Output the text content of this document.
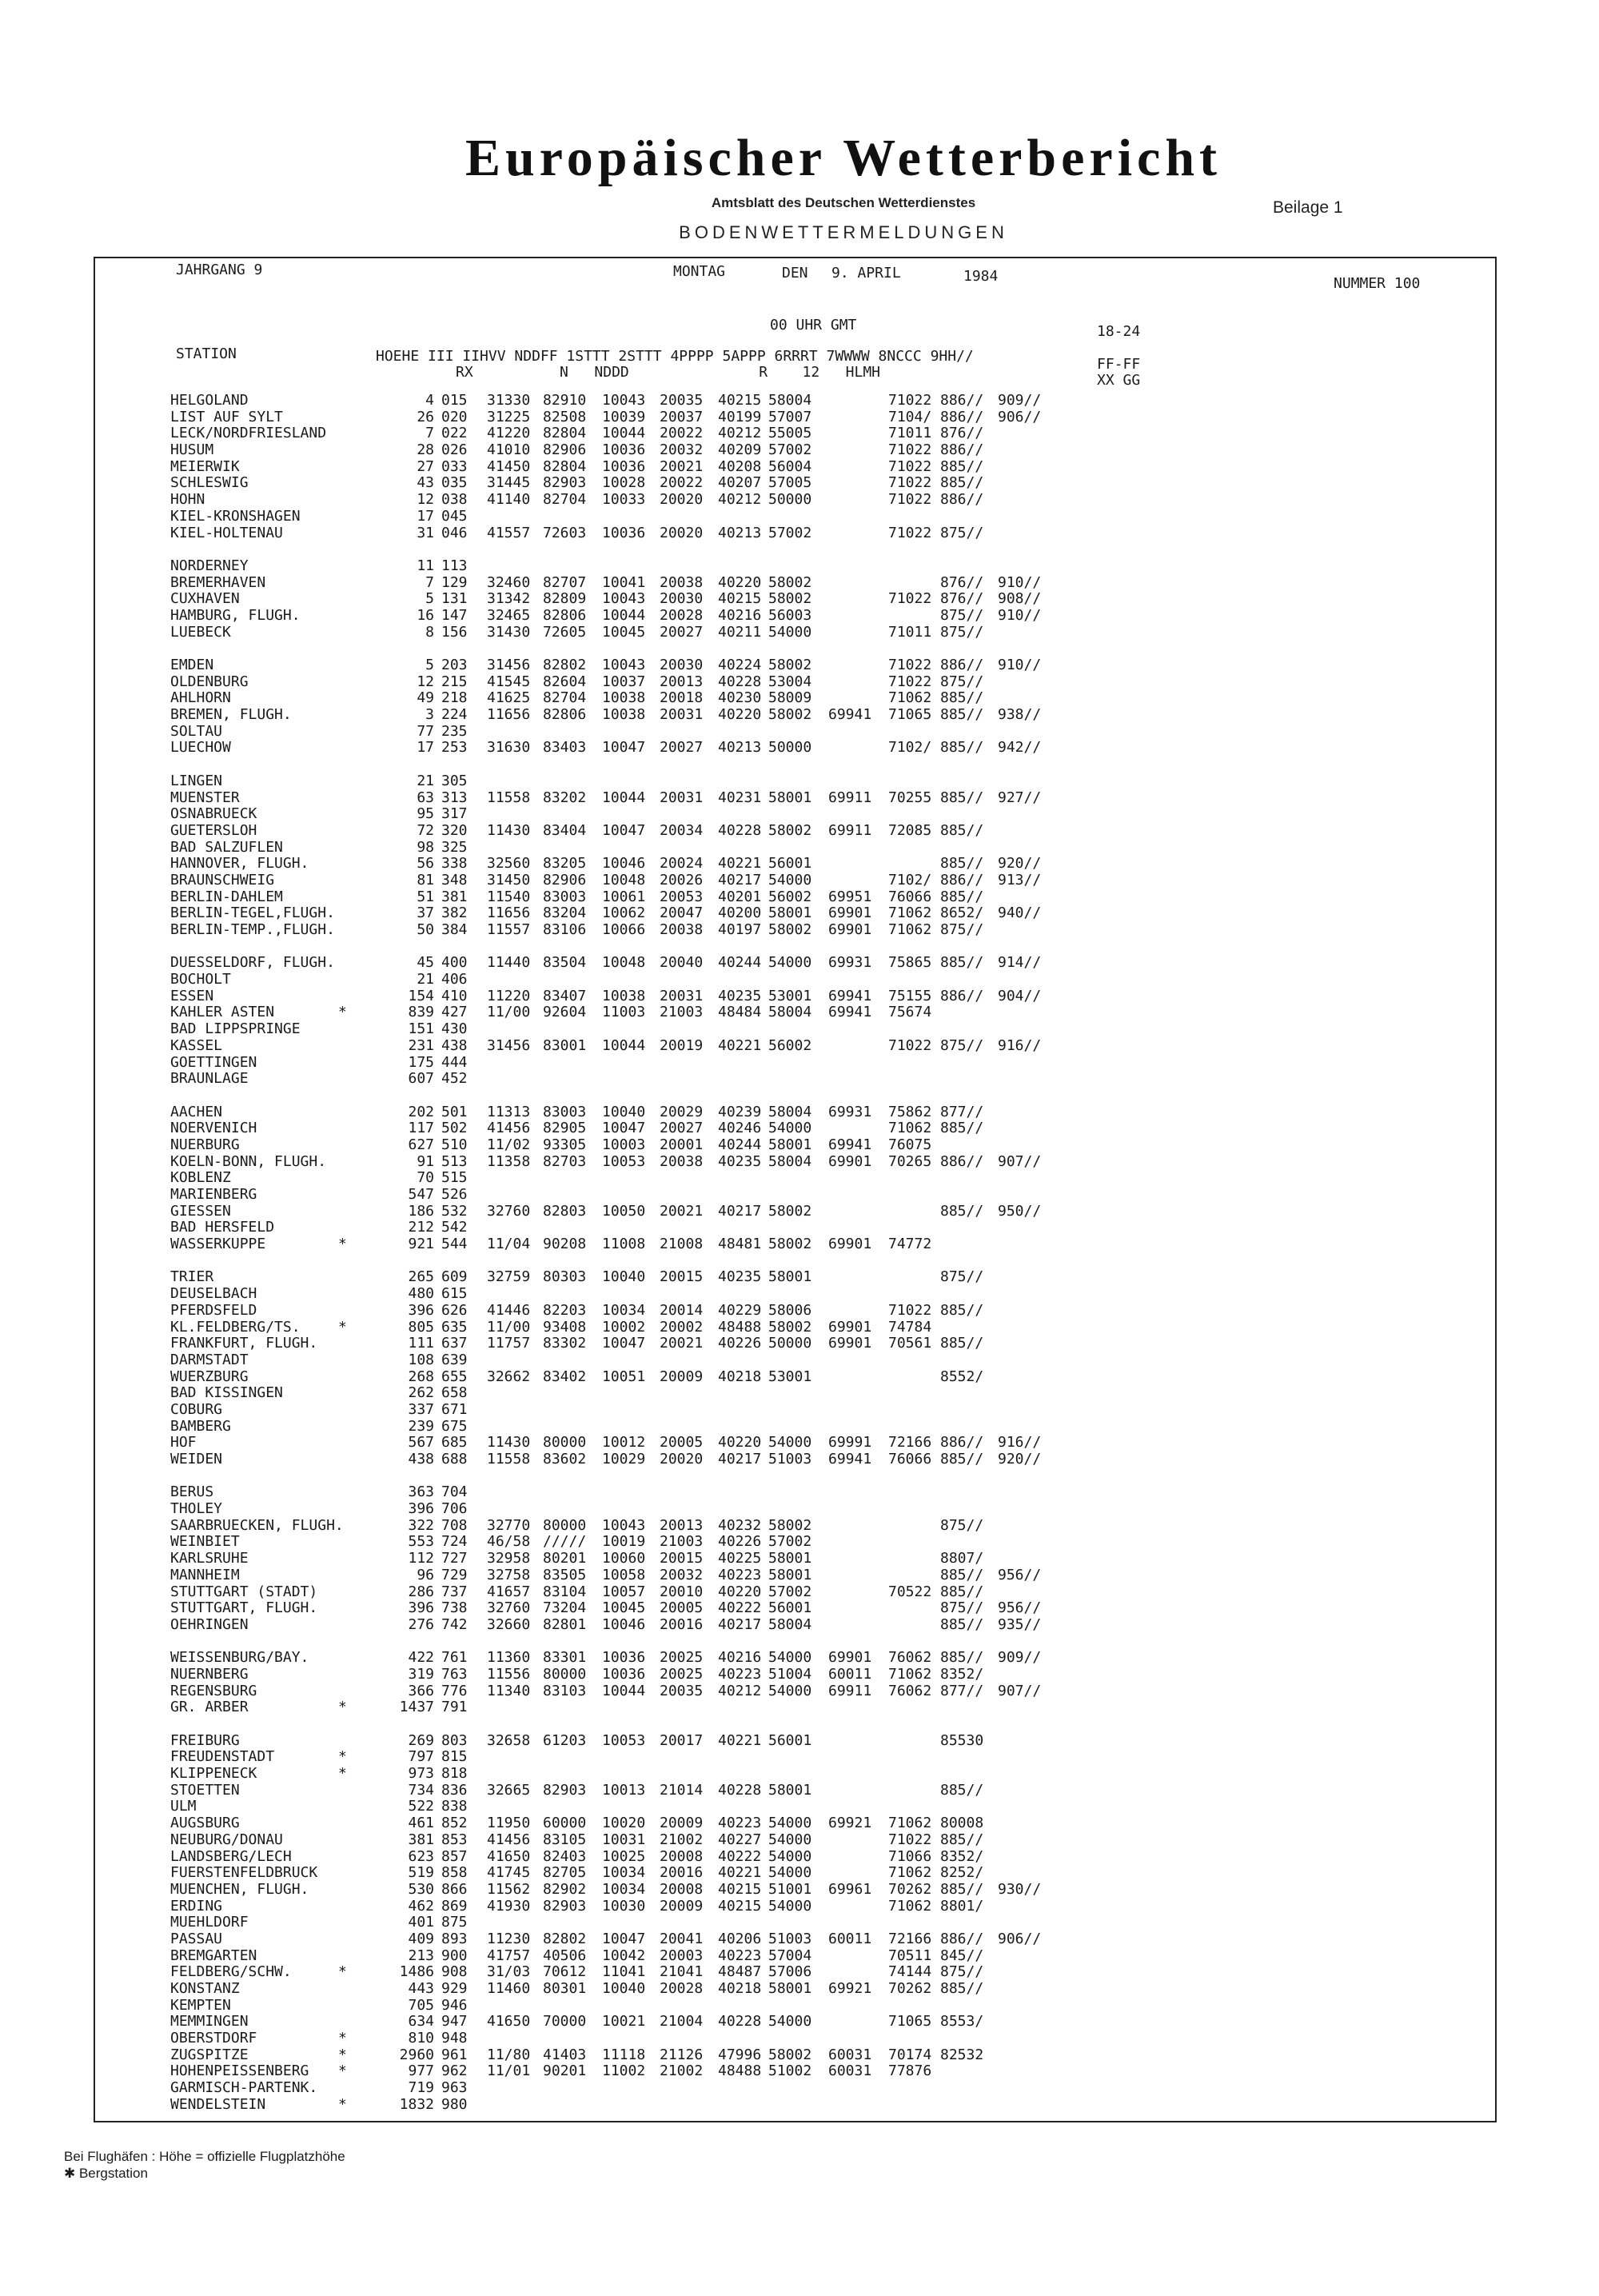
Europäischer Wetterbericht
Amtsblatt des Deutschen Wetterdienstes	Beilage 1
BODENWETTERMELDUNGEN
JAHRGANG 9	MONTAG	DEN 9. APRIL	1984	NUMMER 100
00 UHR GMT	18-24
STATION	HOEHE III IIHVV NDDFF 1STTT 2STTT 4PPPP 5APPP 6RRRT 7WWWW 8NCCC 9HH//
RX          N   NDDD               R    12   HLMH	FF-FF
XX GG
HELGOLAND	4 015 31330 82910 10043 20035 40215 58004	71022 886// 909//
LIST AUF SYLT	26 020 31225 82508 10039 20037 40199 57007	7104/ 886// 906//
LECK/NORDFRIESLAND	7 022 41220 82804 10044 20022 40212 55005	71011 876//
HUSUM	28 026 41010 82906 10036 20032 40209 57002	71022 886//
MEIERWIK	27 033 41450 82804 10036 20021 40208 56004	71022 885//
SCHLESWIG	43 035 31445 82903 10028 20022 40207 57005	71022 885//
HOHN	12 038 41140 82704 10033 20020 40212 50000	71022 886//
KIEL-KRONSHAGEN	17 045
KIEL-HOLTENAU	31 046 41557 72603 10036 20020 40213 57002	71022 875//
NORDERNEY	11 113
BREMERHAVEN	7 129 32460 82707 10041 20038 40220 58002	876// 910//
CUXHAVEN	5 131 31342 82809 10043 20030 40215 58002	71022 876// 908//
HAMBURG, FLUGH.	16 147 32465 82806 10044 20028 40216 56003	875// 910//
LUEBECK	8 156 31430 72605 10045 20027 40211 54000	71011 875//
EMDEN	5 203 31456 82802 10043 20030 40224 58002	71022 886// 910//
OLDENBURG	12 215 41545 82604 10037 20013 40228 53004	71022 875//
AHLHORN	49 218 41625 82704 10038 20018 40230 58009	71062 885//
BREMEN, FLUGH.	3 224 11656 82806 10038 20031 40220 58002 69941 71065 885// 938//
SOLTAU	77 235
LUECHOW	17 253 31630 83403 10047 20027 40213 50000	7102/ 885// 942//
LINGEN	21 305
MUENSTER	63 313 11558 83202 10044 20031 40231 58001 69911 70255 885// 927//
OSNABRUECK	95 317
GUETERSLOH	72 320 11430 83404 10047 20034 40228 58002 69911 72085 885//
BAD SALZUFLEN	98 325
HANNOVER, FLUGH.	56 338 32560 83205 10046 20024 40221 56001	885// 920//
BRAUNSCHWEIG	81 348 31450 82906 10048 20026 40217 54000	7102/ 886// 913//
BERLIN-DAHLEM	51 381 11540 83003 10061 20053 40201 56002 69951 76066 885//
BERLIN-TEGEL,FLUGH.	37 382 11656 83204 10062 20047 40200 58001 69901 71062 8652/ 940//
BERLIN-TEMP.,FLUGH.	50 384 11557 83106 10066 20038 40197 58002 69901 71062 875//
DUESSELDORF, FLUGH.	45 400 11440 83504 10048 20040 40244 54000 69931 75865 885// 914//
BOCHOLT	21 406
ESSEN	154 410 11220 83407 10038 20031 40235 53001 69941 75155 886// 904//
KAHLER ASTEN	*	839 427 11/00 92604 11003 21003 48484 58004 69941 75674
BAD LIPPSPRINGE	151 430
KASSEL	231 438 31456 83001 10044 20019 40221 56002	71022 875// 916//
GOETTINGEN	175 444
BRAUNLAGE	607 452
AACHEN	202 501 11313 83003 10040 20029 40239 58004 69931 75862 877//
NOERVENICH	117 502 41456 82905 10047 20027 40246 54000	71062 885//
NUERBURG	627 510 11/02 93305 10003 20001 40244 58001 69941 76075
KOELN-BONN, FLUGH.	91 513 11358 82703 10053 20038 40235 58004 69901 70265 886// 907//
KOBLENZ	70 515
MARIENBERG	547 526
GIESSEN	186 532 32760 82803 10050 20021 40217 58002	885// 950//
BAD HERSFELD	212 542
WASSERKUPPE	*	921 544 11/04 90208 11008 21008 48481 58002 69901 74772
TRIER	265 609 32759 80303 10040 20015 40235 58001	875//
DEUSELBACH	480 615
PFERDSFELD	396 626 41446 82203 10034 20014 40229 58006	71022 885//
KL.FELDBERG/TS.	*	805 635 11/00 93408 10002 20002 48488 58002 69901 74784
FRANKFURT, FLUGH.	111 637 11757 83302 10047 20021 40226 50000 69901 70561 885//
DARMSTADT	108 639
WUERZBURG	268 655 32662 83402 10051 20009 40218 53001	8552/
BAD KISSINGEN	262 658
COBURG	337 671
BAMBERG	239 675
HOF	567 685 11430 80000 10012 20005 40220 54000 69991 72166 886// 916//
WEIDEN	438 688 11558 83602 10029 20020 40217 51003 69941 76066 885// 920//
BERUS	363 704
THOLEY	396 706
SAARBRUECKEN, FLUGH.	322 708 32770 80000 10043 20013 40232 58002	875//
WEINBIET	553 724 46/58 ///// 10019 21003 40226 57002
KARLSRUHE	112 727 32958 80201 10060 20015 40225 58001	8807/
MANNHEIM	96 729 32758 83505 10058 20032 40223 58001	885// 956//
STUTTGART (STADT)	286 737 41657 83104 10057 20010 40220 57002	70522 885//
STUTTGART, FLUGH.	396 738 32760 73204 10045 20005 40222 56001	875// 956//
OEHRINGEN	276 742 32660 82801 10046 20016 40217 58004	885// 935//
WEISSENBURG/BAY.	422 761 11360 83301 10036 20025 40216 54000 69901 76062 885// 909//
NUERNBERG	319 763 11556 80000 10036 20025 40223 51004 60011 71062 8352/
REGENSBURG	366 776 11340 83103 10044 20035 40212 54000 69911 76062 877// 907//
GR. ARBER	*	1437 791
FREIBURG	269 803 32658 61203 10053 20017 40221 56001	85530
FREUDENSTADT	*	797 815
KLIPPENECK	*	973 818
STOETTEN	734 836 32665 82903 10013 21014 40228 58001	885//
ULM	522 838
AUGSBURG	461 852 11950 60000 10020 20009 40223 54000 69921 71062 80008
NEUBURG/DONAU	381 853 41456 83105 10031 21002 40227 54000	71022 885//
LANDSBERG/LECH	623 857 41650 82403 10025 20008 40222 54000	71066 8352/
FUERSTENFELDBRUCK	519 858 41745 82705 10034 20016 40221 54000	71062 8252/
MUENCHEN, FLUGH.	530 866 11562 82902 10034 20008 40215 51001 69961 70262 885// 930//
ERDING	462 869 41930 82903 10030 20009 40215 54000	71062 8801/
MUEHLDORF	401 875
PASSAU	409 893 11230 82802 10047 20041 40206 51003 60011 72166 886// 906//
BREMGARTEN	213 900 41757 40506 10042 20003 40223 57004	70511 845//
FELDBERG/SCHW.	*	1486 908 31/03 70612 11041 21041 48487 57006	74144 875//
KONSTANZ	443 929 11460 80301 10040 20028 40218 58001 69921 70262 885//
KEMPTEN	705 946
MEMMINGEN	634 947 41650 70000 10021 21004 40228 54000	71065 8553/
OBERSTDORF	*	810 948
ZUGSPITZE	*	2960 961 11/80 41403 11118 21126 47996 58002 60031 70174 82532
HOHENPEISSENBERG *	977 962 11/01 90201 11002 21002 48488 51002 60031 77876
GARMISCH-PARTENK.	719 963
WENDELSTEIN	*	1832 980
Bei Flughäfen : Höhe = offizielle Flugplatzhöhe
✱ Bergstation
